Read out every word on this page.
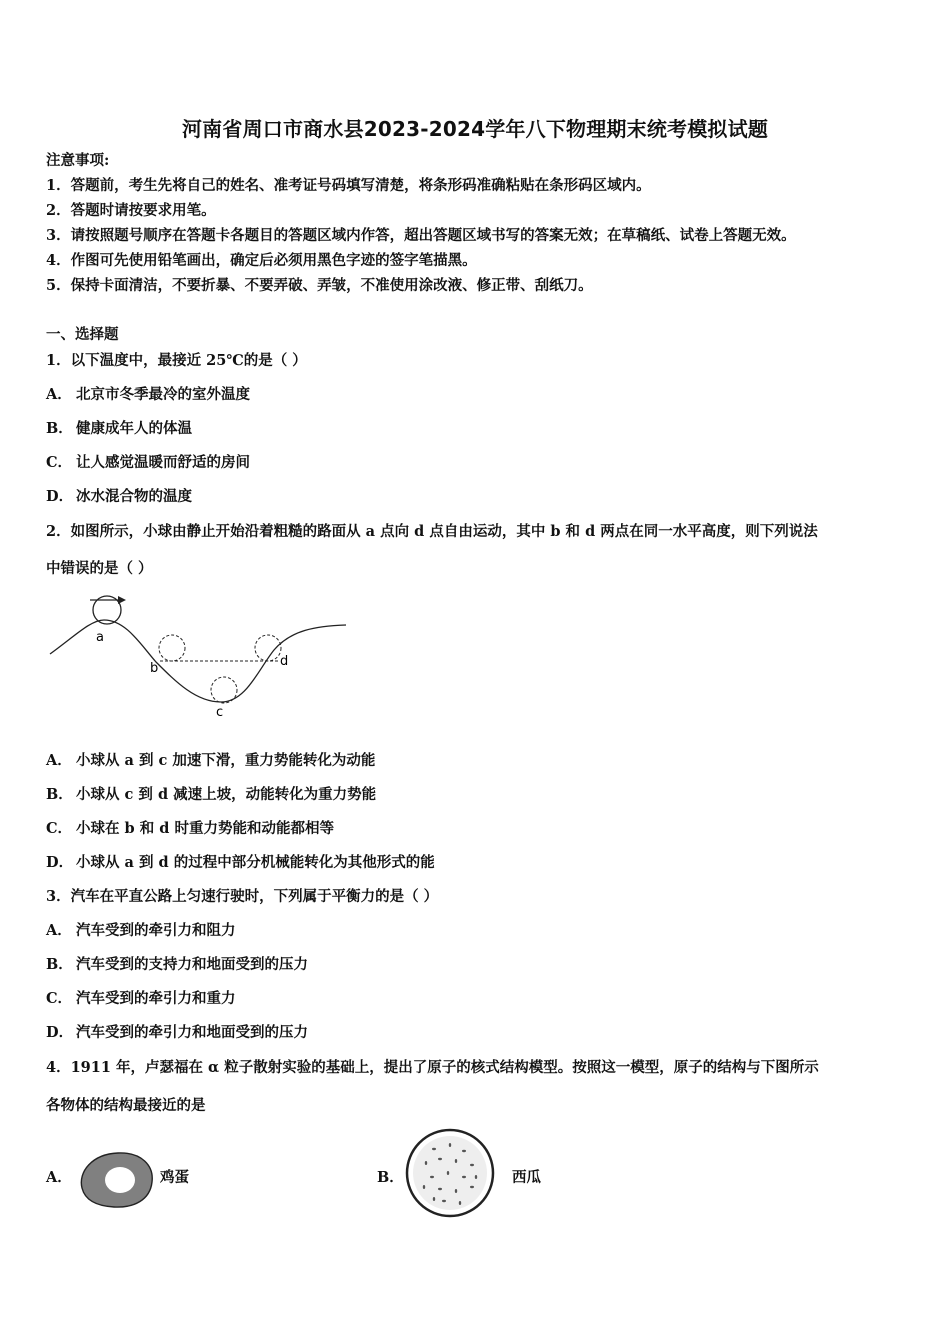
河南省周口市商水县2023-2024学年八下物理期末统考模拟试题
注意事项:
1．答题前，考生先将自己的姓名、准考证号码填写清楚，将条形码准确粘贴在条形码区域内。
2．答题时请按要求用笔。
3．请按照题号顺序在答题卡各题目的答题区域内作答，超出答题区域书写的答案无效；在草稿纸、试卷上答题无效。
4．作图可先使用铅笔画出，确定后必须用黑色字迹的签字笔描黑。
5．保持卡面清洁，不要折暴、不要弄破、弄皱，不准使用涂改液、修正带、刮纸刀。
一、选择题
1．以下温度中，最接近 25℃的是（ ）
A． 北京市冬季最冷的室外温度
B． 健康成年人的体温
C． 让人感觉温暖而舒适的房间
D． 冰水混合物的温度
2．如图所示，小球由静止开始沿着粗糙的路面从 a 点向 d 点自由运动，其中 b 和 d 两点在同一水平高度，则下列说法
中错误的是（ ）
a
b
c
d
A． 小球从 a 到 c 加速下滑，重力势能转化为动能
B． 小球从 c 到 d 减速上坡，动能转化为重力势能
C． 小球在 b 和 d 时重力势能和动能都相等
D． 小球从 a 到 d 的过程中部分机械能转化为其他形式的能
3．汽车在平直公路上匀速行驶时，下列属于平衡力的是（ ）
A． 汽车受到的牵引力和阻力
B． 汽车受到的支持力和地面受到的压力
C． 汽车受到的牵引力和重力
D． 汽车受到的牵引力和地面受到的压力
4．1911 年，卢瑟福在 α 粒子散射实验的基础上，提出了原子的核式结构模型。按照这一模型，原子的结构与下图所示
各物体的结构最接近的是
A．	鸡蛋	B．	西瓜
